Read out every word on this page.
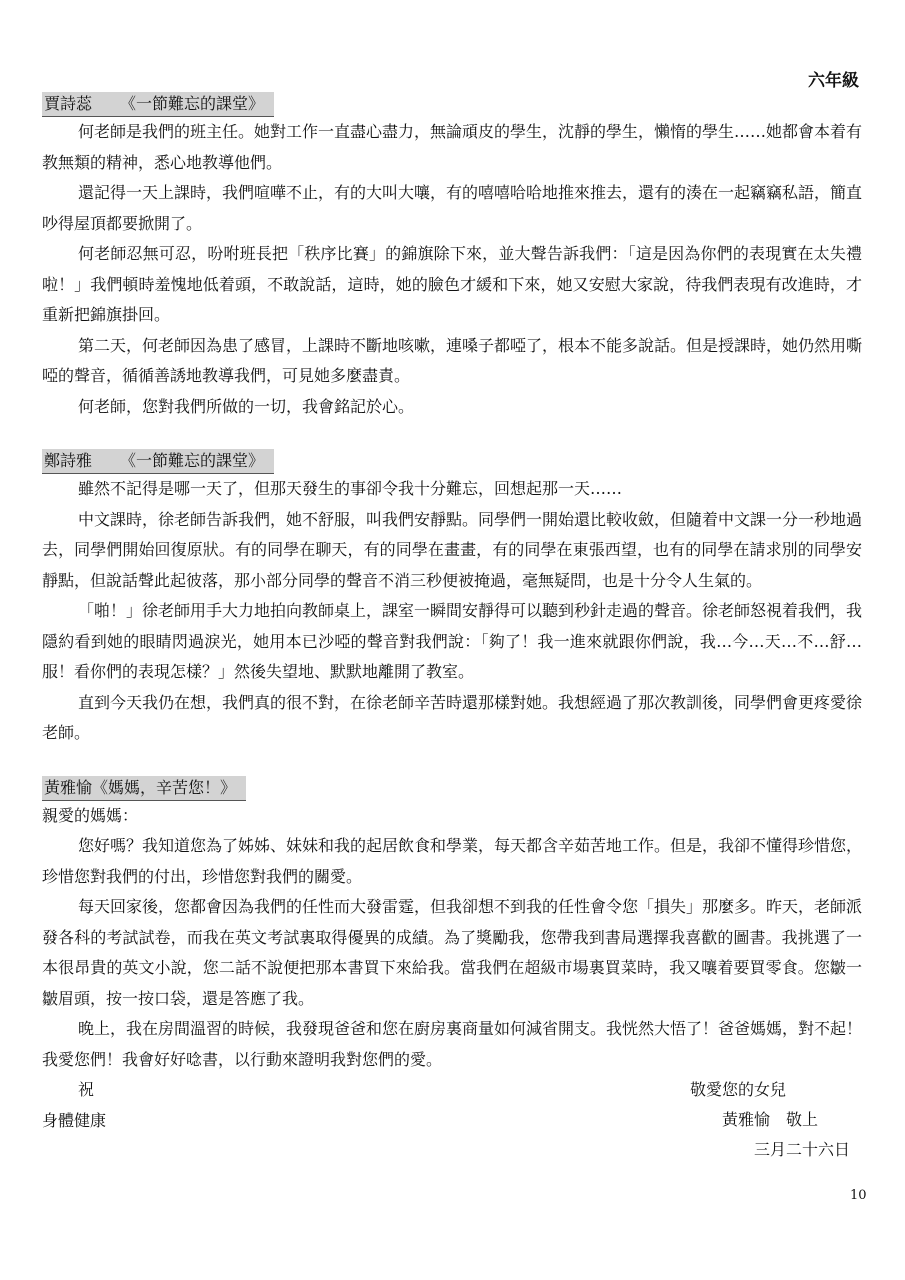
六年級
賈詩蕊 《一節難忘的課堂》

何老師是我們的班主任。她對工作一直盡心盡力，無論頑皮的學生，沈靜的學生，懶惰的學生……她都會本着有教無類的精神，悉心地教導他們。

還記得一天上課時，我們喧嘩不止，有的大叫大嚷，有的嘻嘻哈哈地推來推去，還有的湊在一起竊竊私語，簡直吵得屋頂都要掀開了。

何老師忍無可忍，吩咐班長把「秩序比賽」的錦旗除下來，並大聲告訴我們：「這是因為你們的表現實在太失禮啦！」我們頓時羞愧地低着頭，不敢說話，這時，她的臉色才緩和下來，她又安慰大家說，待我們表現有改進時，才重新把錦旗掛回。

第二天，何老師因為患了感冒，上課時不斷地咳嗽，連嗓子都啞了，根本不能多說話。但是授課時，她仍然用嘶啞的聲音，循循善誘地教導我們，可見她多麼盡責。

何老師，您對我們所做的一切，我會銘記於心。

鄭詩雅 《一節難忘的課堂》

雖然不記得是哪一天了，但那天發生的事卻令我十分難忘，回想起那一天……

中文課時，徐老師告訴我們，她不舒服，叫我們安靜點。同學們一開始還比較收斂，但隨着中文課一分一秒地過去，同學們開始回復原狀。有的同學在聊天，有的同學在畫畫，有的同學在東張西望，也有的同學在請求別的同學安靜點，但說話聲此起彼落，那小部分同學的聲音不消三秒便被掩過，毫無疑問，也是十分令人生氣的。

「啪！」徐老師用手大力地拍向教師桌上，課室一瞬間安靜得可以聽到秒針走過的聲音。徐老師怒視着我們，我隱約看到她的眼睛閃過淚光，她用本已沙啞的聲音對我們說：「夠了！我一進來就跟你們說，我…今…天…不…舒…服！看你們的表現怎樣？」然後失望地、默默地離開了教室。

直到今天我仍在想，我們真的很不對，在徐老師辛苦時還那樣對她。我想經過了那次教訓後，同學們會更疼愛徐老師。

黃雅愉《媽媽，辛苦您！》

親愛的媽媽：

您好嗎？我知道您為了姊姊、妹妹和我的起居飲食和學業，每天都含辛茹苦地工作。但是，我卻不懂得珍惜您，珍惜您對我們的付出，珍惜您對我們的關愛。

每天回家後，您都會因為我們的任性而大發雷霆，但我卻想不到我的任性會令您「損失」那麼多。昨天，老師派發各科的考試試卷，而我在英文考試裏取得優異的成績。為了獎勵我，您帶我到書局選擇我喜歡的圖書。我挑選了一本很昂貴的英文小說，您二話不說便把那本書買下來給我。當我們在超級市場裏買菜時，我又嚷着要買零食。您皺一皺眉頭，按一按口袋，還是答應了我。

晚上，我在房間溫習的時候，我發現爸爸和您在廚房裏商量如何減省開支。我恍然大悟了！爸爸媽媽，對不起！我愛您們！我會好好唸書，以行動來證明我對您們的愛。

祝

身體健康

敬愛您的女兒
黃雅愉　敬上
三月二十六日
10
